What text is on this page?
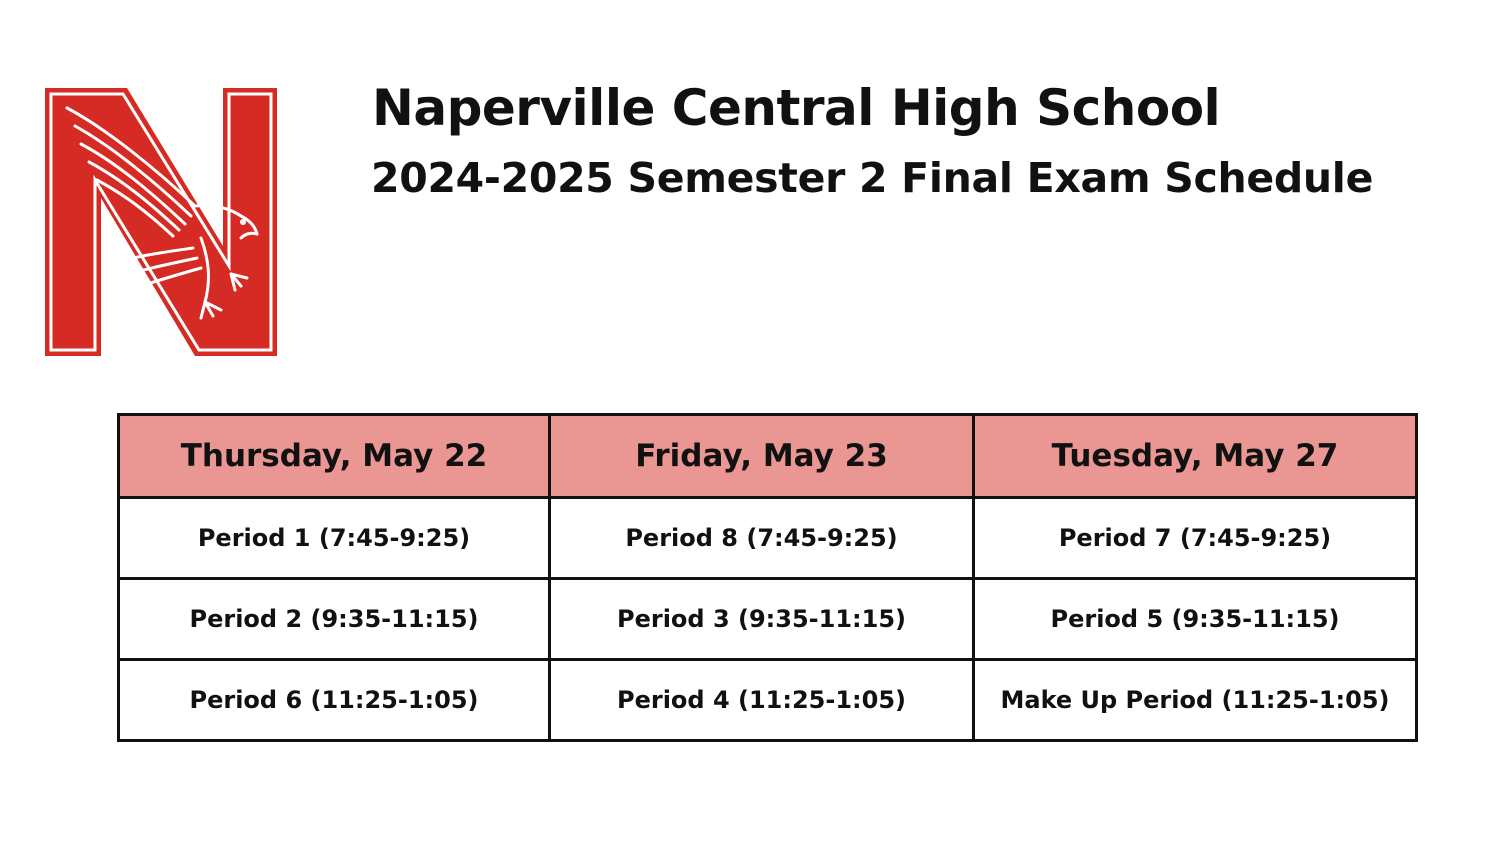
Naperville Central High School
2024-2025 Semester 2 Final Exam Schedule
Thursday, May 22	Friday, May 23	Tuesday, May 27
Period 1 (7:45-9:25)	Period 8 (7:45-9:25)	Period 7 (7:45-9:25)
Period 2 (9:35-11:15)	Period 3 (9:35-11:15)	Period 5 (9:35-11:15)
Period 6 (11:25-1:05)	Period 4 (11:25-1:05)	Make Up Period (11:25-1:05)
